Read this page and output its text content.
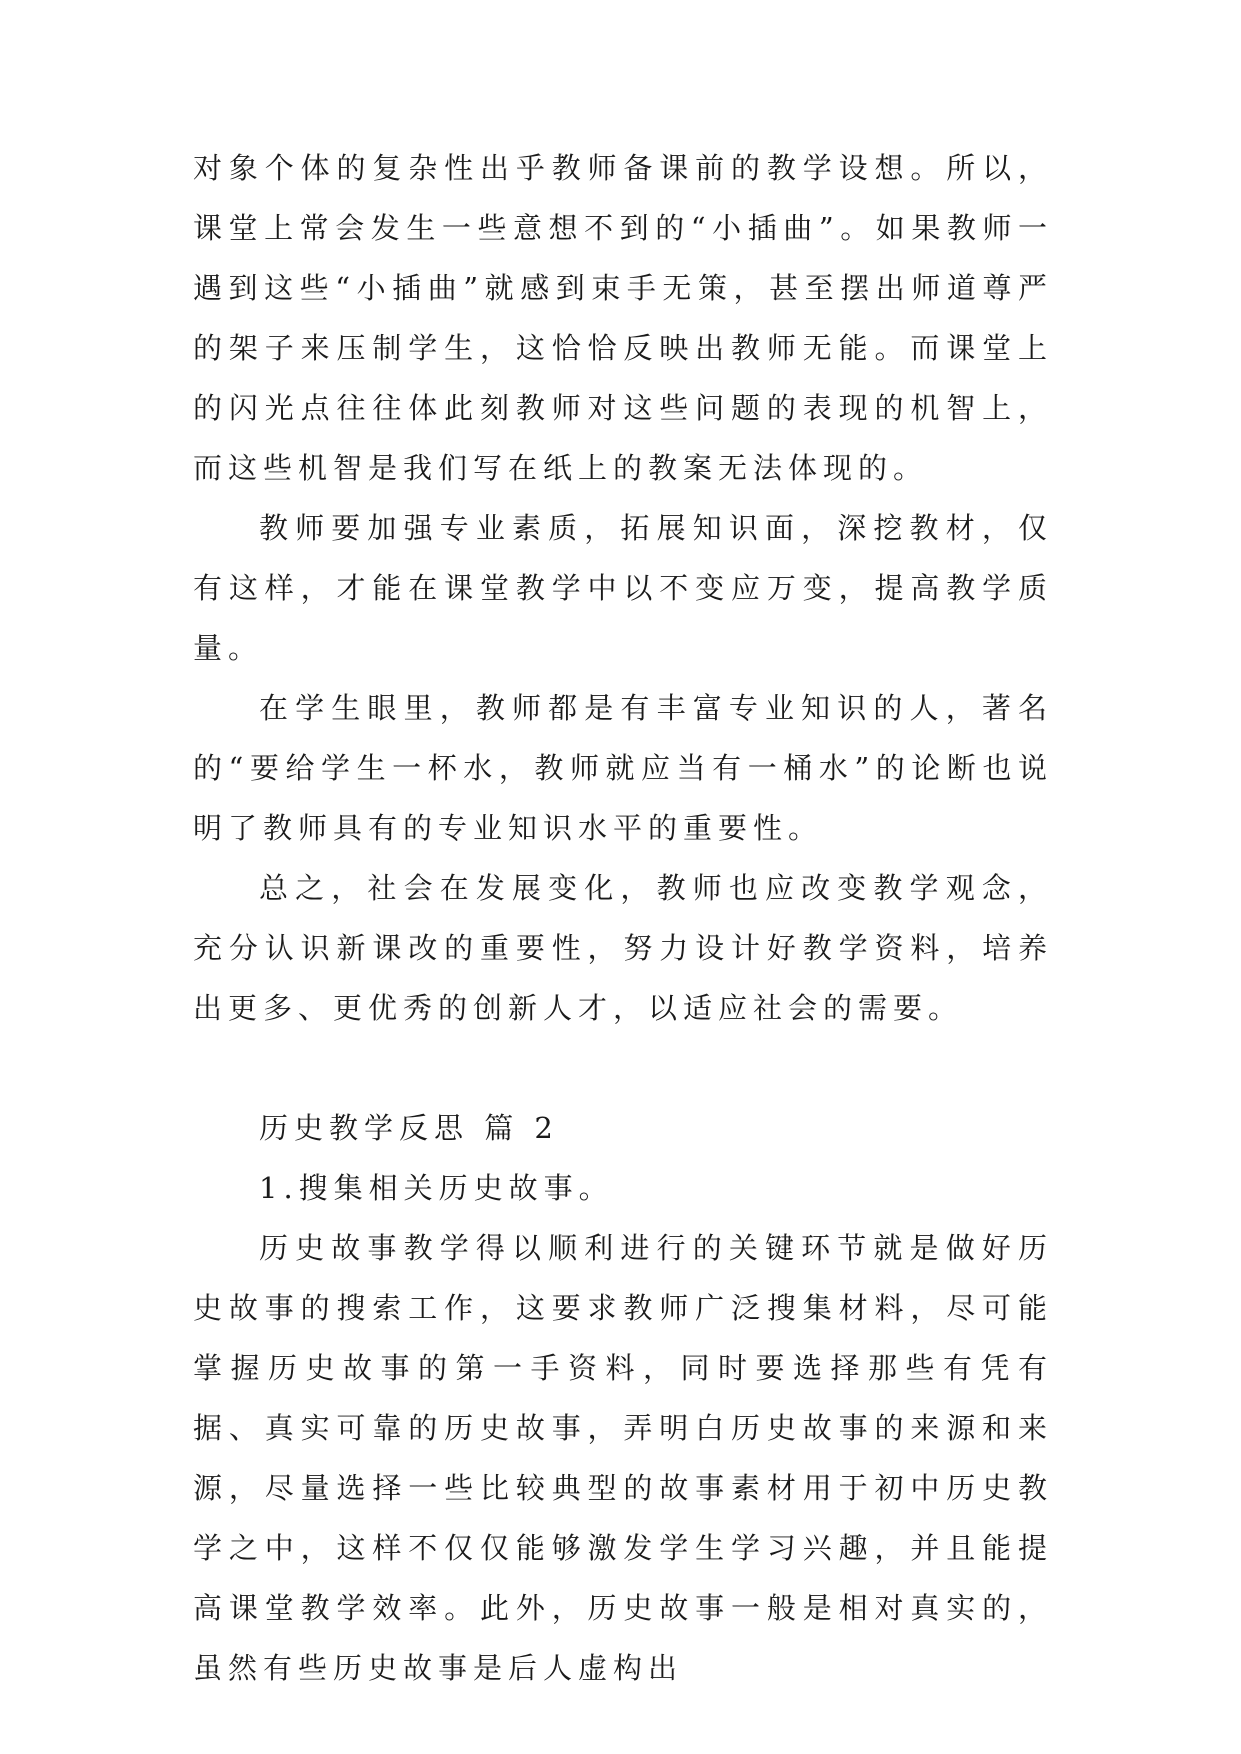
对象个体的复杂性出乎教师备课前的教学设想。所以，课堂上常会发生一些意想不到的“小插曲”。如果教师一遇到这些“小插曲”就感到束手无策，甚至摆出师道尊严的架子来压制学生，这恰恰反映出教师无能。而课堂上的闪光点往往体此刻教师对这些问题的表现的机智上，而这些机智是我们写在纸上的教案无法体现的。

教师要加强专业素质，拓展知识面，深挖教材，仅有这样，才能在课堂教学中以不变应万变，提高教学质量。

在学生眼里，教师都是有丰富专业知识的人，著名的“要给学生一杯水，教师就应当有一桶水”的论断也说明了教师具有的专业知识水平的重要性。

总之，社会在发展变化，教师也应改变教学观念，充分认识新课改的重要性，努力设计好教学资料，培养出更多、更优秀的创新人才，以适应社会的需要。

历史教学反思 篇 2

1.搜集相关历史故事。

历史故事教学得以顺利进行的关键环节就是做好历史故事的搜索工作，这要求教师广泛搜集材料，尽可能掌握历史故事的第一手资料，同时要选择那些有凭有据、真实可靠的历史故事，弄明白历史故事的来源和来源，尽量选择一些比较典型的故事素材用于初中历史教学之中，这样不仅仅能够激发学生学习兴趣，并且能提高课堂教学效率。此外，历史故事一般是相对真实的，虽然有些历史故事是后人虚构出
